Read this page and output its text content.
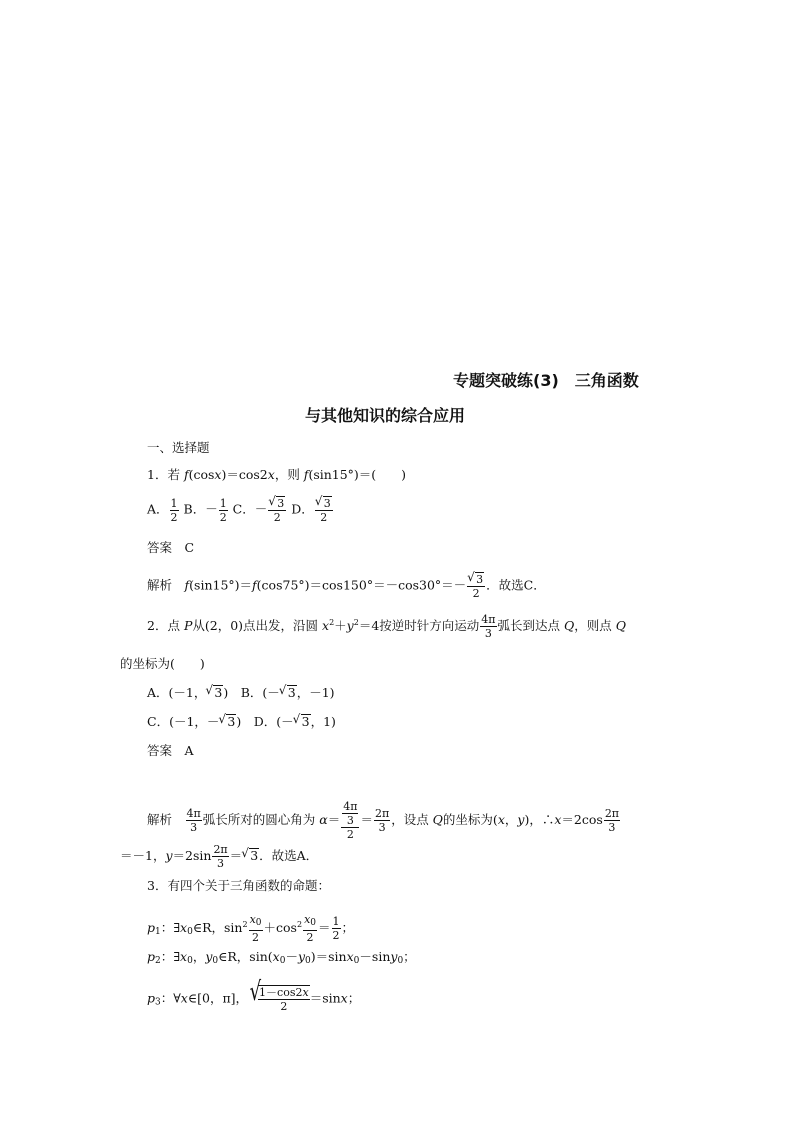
专题突破练(3)　三角函数
与其他知识的综合应用
一、选择题
1．若 f(cosx)＝cos2x，则 f(sin15°)＝(　　)
A． $\frac{1}{2}$ B．－ $\frac{1}{2}$ C．－ √ $\frac{3}{2}$ D． √ $\frac{3}{2}$
答案　C
解析　f(sin15°)＝f(cos75°)＝cos150°＝－cos30°＝－ √ $\frac{3}{2}$ ．故选C．
2．点 P从(2，0)点出发，沿圆 $x^2+y^2=4$按逆时针方向运动 $\frac{4\pi}{3}$ 弧长到达点 Q，则点 Q
的坐标为(　　)
A．(－1， √ 3)　B．(－ √ 3，－1)
C．(－1，－ √ 3)　D．(－ √ 3，1)
答案　A
解析　 $\frac{4\pi}{3}$ 弧长所对的圆心角为 $\alpha= \frac{\frac{4\pi}{3}}{2} = \frac{2\pi}{3}$ ，设点 Q的坐标为(x，y)，∴x＝2cos $\frac{2\pi}{3}$
＝－1，$y=2\sin \frac{2\pi}{3}$ ＝ √ 3．故选A．
3．有四个关于三角函数的命题：
$p_1$：$\exists x_0\in R$，$\sin^2 \frac{x_0}{2} +\cos^2 \frac{x_0}{2} = \frac{1}{2}$ ；
$p_2$：$\exists x_0$，$y_0\in R$，$\sin(x_0-y_0)=\sin x_0-\sin y_0$；
$p_3$：∀x∈[0，π]， √ $\frac{1-\cos 2x}{2} =\sin x$；
